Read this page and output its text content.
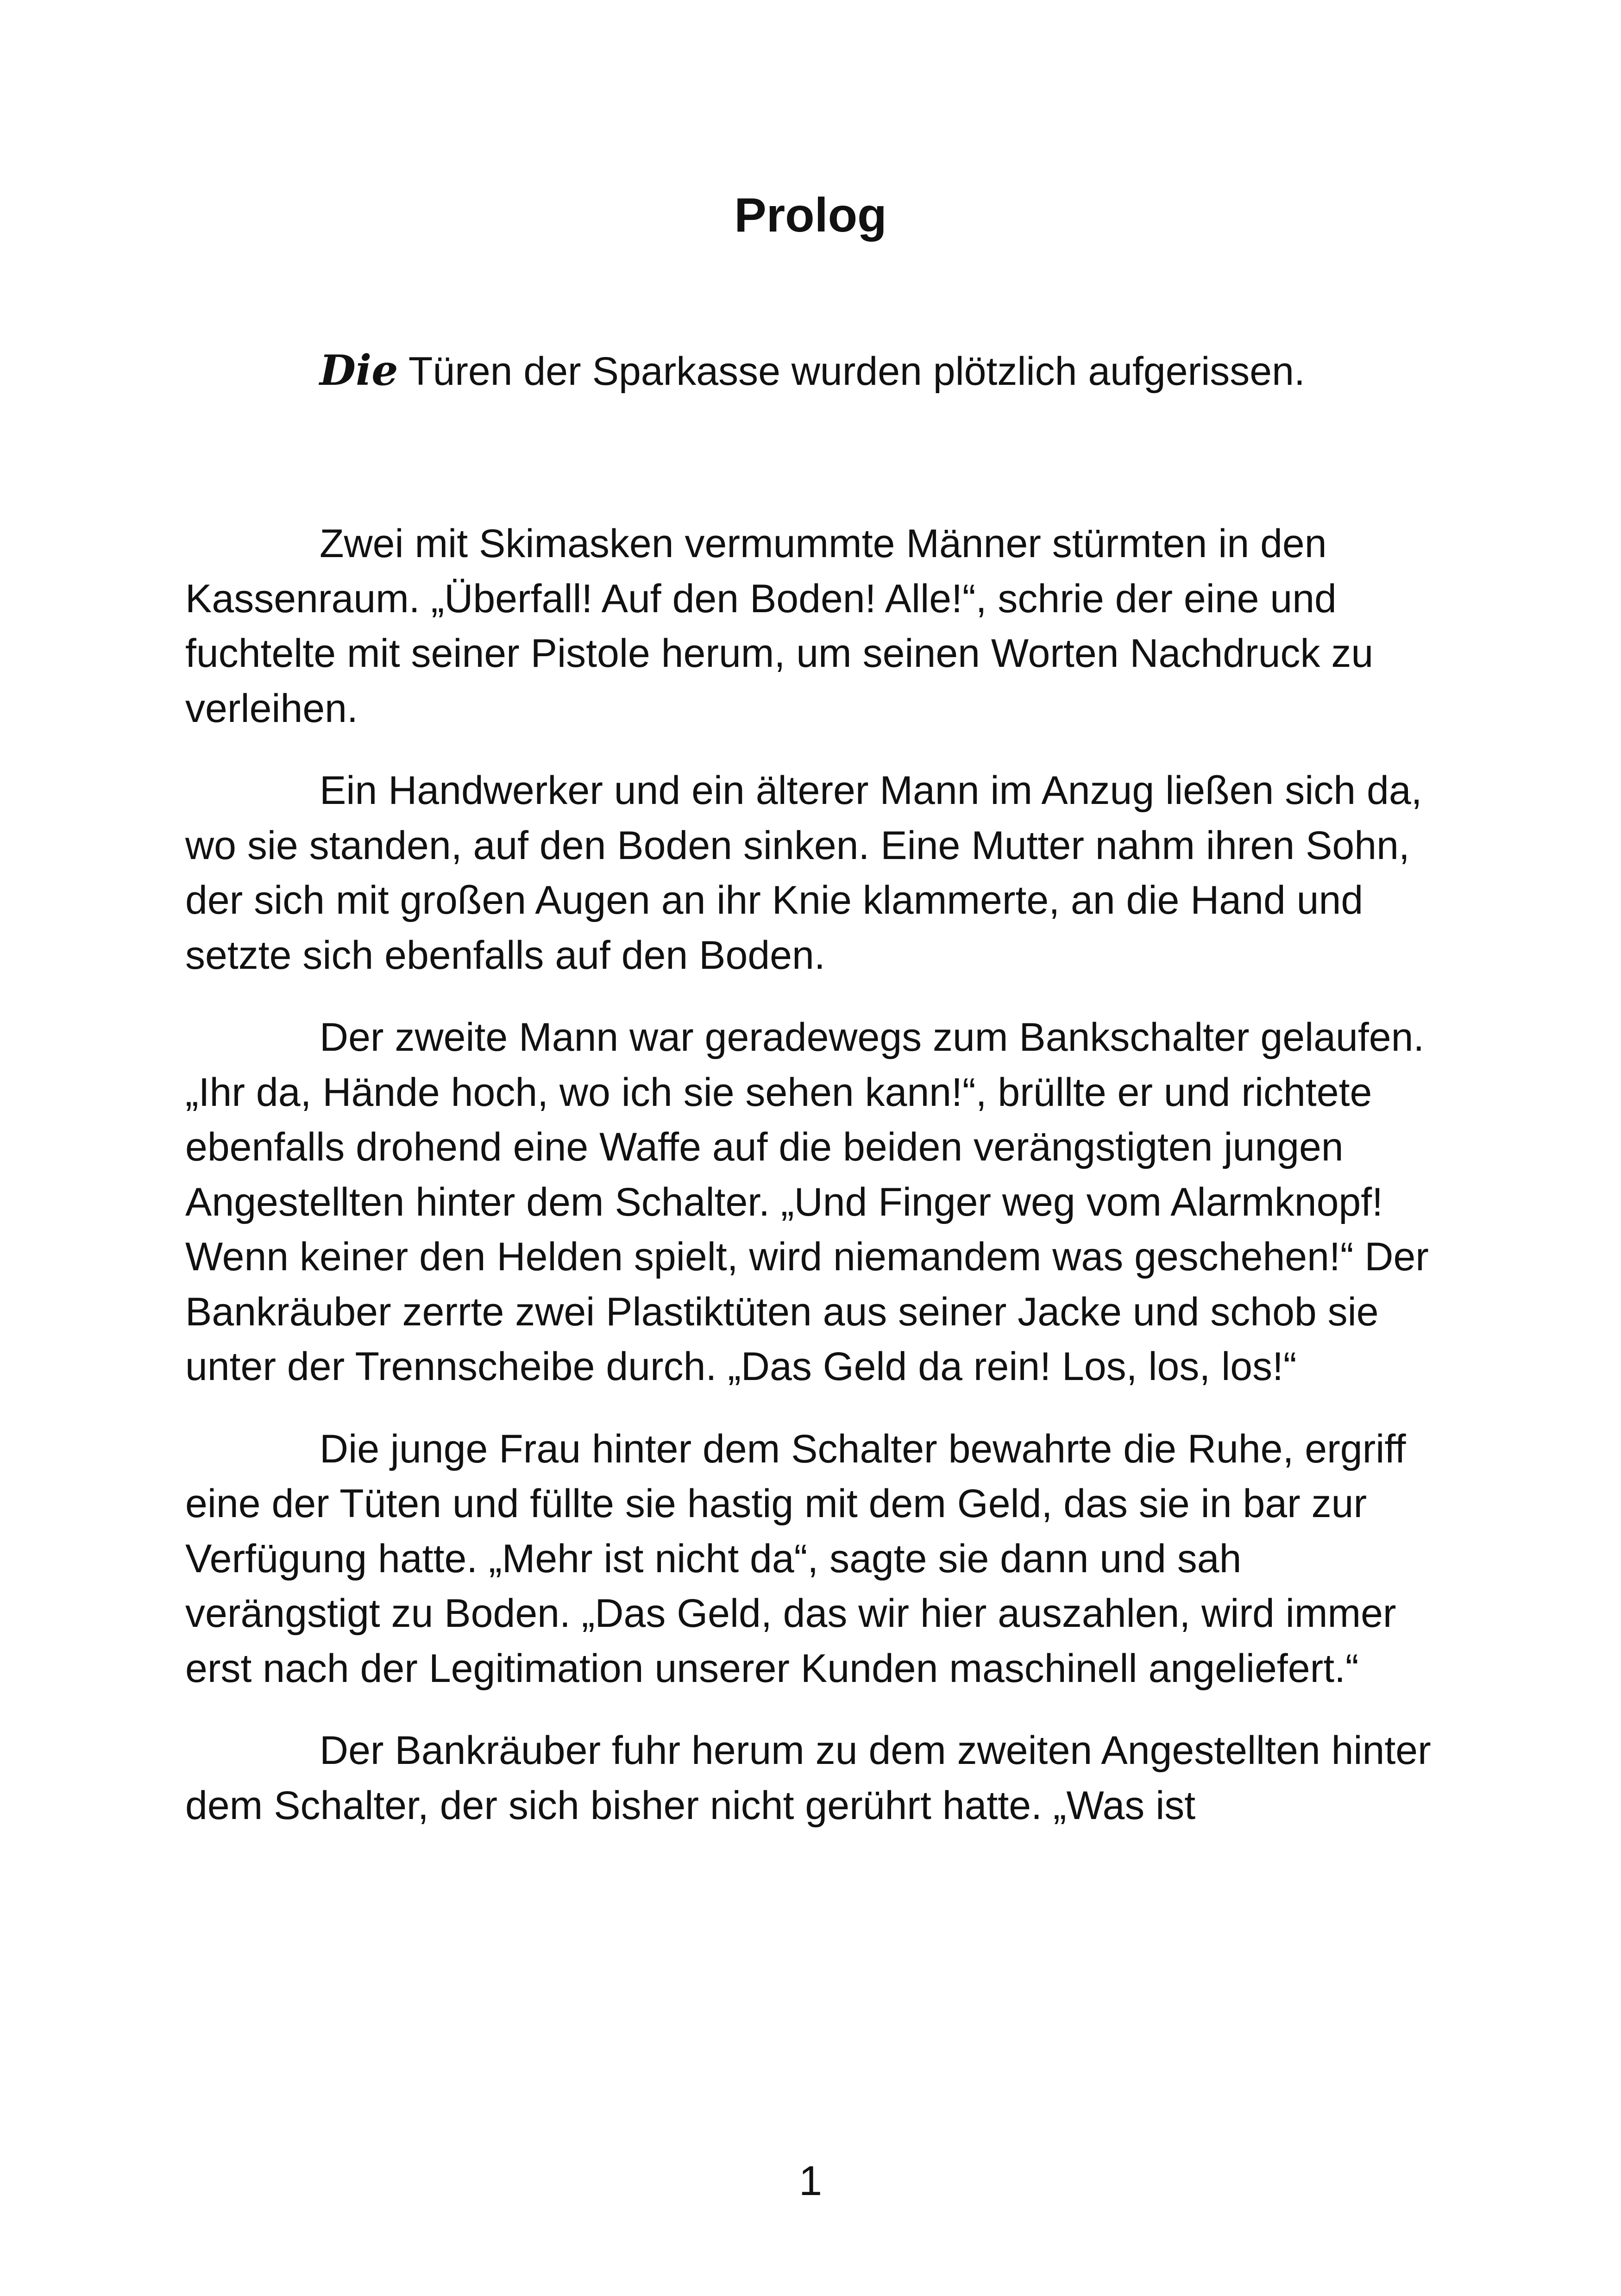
Prolog

Die Türen der Sparkasse wurden plötzlich aufgerissen.

Zwei mit Skimasken vermummte Männer stürmten in den Kassenraum. „Überfall! Auf den Boden! Alle!“, schrie der eine und fuchtelte mit seiner Pistole herum, um seinen Worten Nachdruck zu verleihen.

Ein Handwerker und ein älterer Mann im Anzug ließen sich da, wo sie standen, auf den Boden sinken. Eine Mutter nahm ihren Sohn, der sich mit großen Augen an ihr Knie klammerte, an die Hand und setzte sich ebenfalls auf den Boden.

Der zweite Mann war geradewegs zum Bankschalter gelaufen. „Ihr da, Hände hoch, wo ich sie sehen kann!“, brüllte er und richtete ebenfalls drohend eine Waffe auf die beiden verängstigten jungen Angestellten hinter dem Schalter. „Und Finger weg vom Alarmknopf! Wenn keiner den Helden spielt, wird niemandem was geschehen!“ Der Bankräuber zerrte zwei Plastiktüten aus seiner Jacke und schob sie unter der Trennscheibe durch. „Das Geld da rein! Los, los, los!“

Die junge Frau hinter dem Schalter bewahrte die Ruhe, ergriff eine der Tüten und füllte sie hastig mit dem Geld, das sie in bar zur Verfügung hatte. „Mehr ist nicht da“, sagte sie dann und sah verängstigt zu Boden. „Das Geld, das wir hier auszahlen, wird immer erst nach der Legitimation unserer Kunden maschinell angeliefert.“

Der Bankräuber fuhr herum zu dem zweiten Angestellten hinter dem Schalter, der sich bisher nicht gerührt hatte. „Was ist

1
